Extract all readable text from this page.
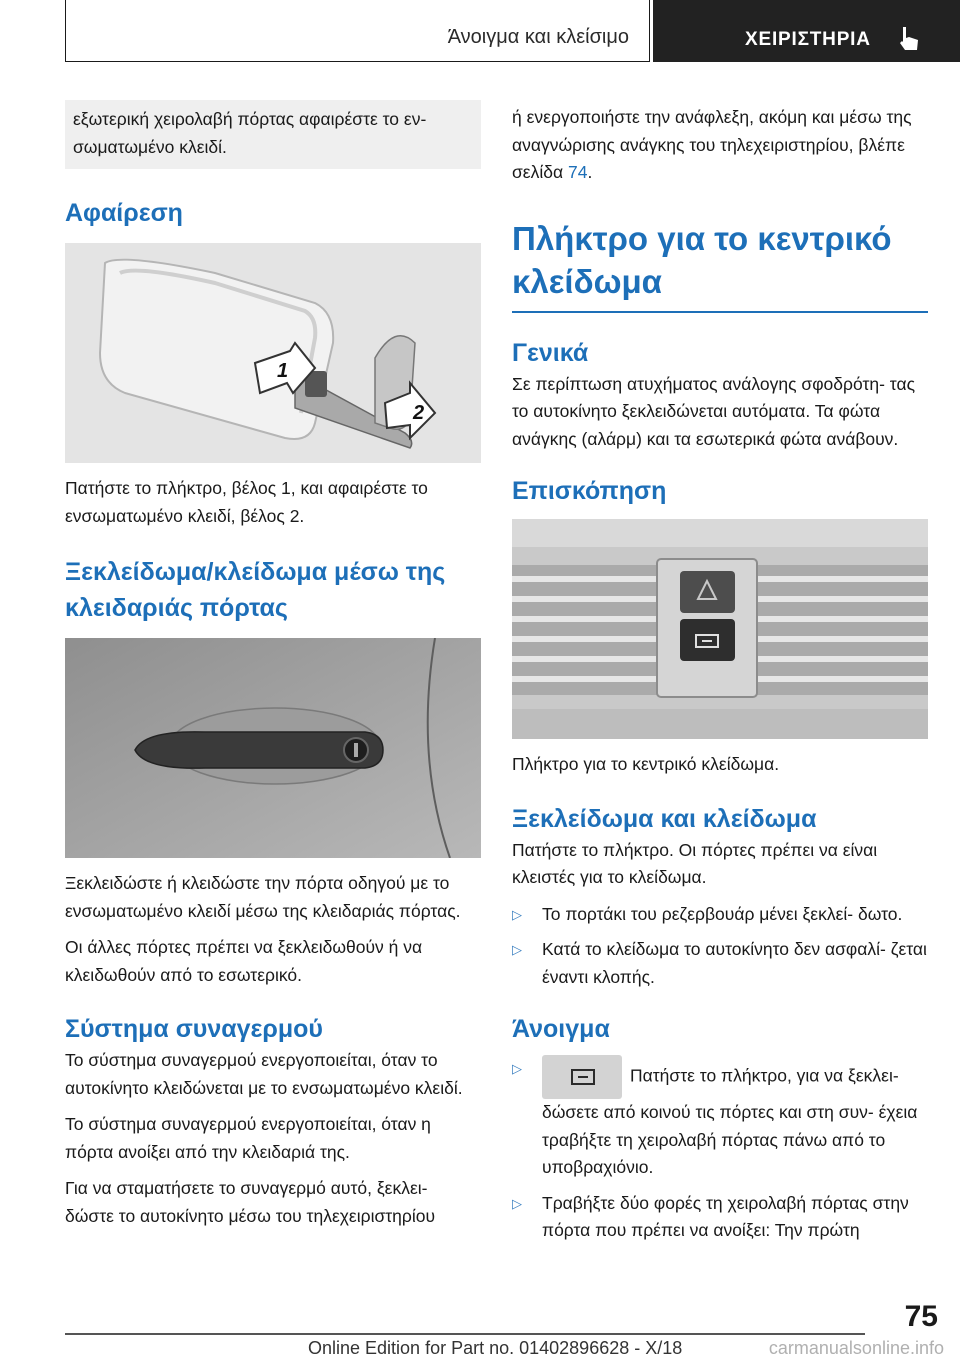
Άνοιγμα και κλείσιμο	ΧΕΙΡΙΣΤΗΡΙΑ
εξωτερική χειρολαβή πόρτας αφαιρέστε το εν- σωματωμένο κλειδί.
Αφαίρεση
1
2

Πατήστε το πλήκτρο, βέλος 1, και αφαιρέστε το ενσωματωμένο κλειδί, βέλος 2.

Ξεκλείδωμα/κλείδωμα μέσω της
κλειδαριάς πόρτας

Ξεκλειδώστε ή κλειδώστε την πόρτα οδηγού με το ενσωματωμένο κλειδί μέσω της κλειδαριάς πόρτας.

Οι άλλες πόρτες πρέπει να ξεκλειδωθούν ή να κλειδωθούν από το εσωτερικό.

Σύστημα συναγερμού

Το σύστημα συναγερμού ενεργοποιείται, όταν το αυτοκίνητο κλειδώνεται με το ενσωματωμένο κλειδί.

Το σύστημα συναγερμού ενεργοποιείται, όταν η πόρτα ανοίξει από την κλειδαριά της.

Για να σταματήσετε το συναγερμό αυτό, ξεκλει- δώστε το αυτοκίνητο μέσω του τηλεχειριστηρίου

ή ενεργοποιήστε την ανάφλεξη, ακόμη και μέσω της αναγνώρισης ανάγκης του τηλεχειριστηρίου, βλέπε σελίδα 74.

Πλήκτρο για το κεντρικό
κλείδωμα
Γενικά

Σε περίπτωση ατυχήματος ανάλογης σφοδρότη- τας το αυτοκίνητο ξεκλειδώνεται αυτόματα. Τα φώτα ανάγκης (αλάρμ) και τα εσωτερικά φώτα ανάβουν.

Επισκόπηση

Πλήκτρο για το κεντρικό κλείδωμα.

Ξεκλείδωμα και κλείδωμα

Πατήστε το πλήκτρο. Οι πόρτες πρέπει να είναι κλειστές για το κλείδωμα.

▷ Το πορτάκι του ρεζερβουάρ μένει ξεκλεί- δωτο.
▷ Κατά το κλείδωμα το αυτοκίνητο δεν ασφαλί- ζεται έναντι κλοπής.
Άνοιγμα
▷	Πατήστε το πλήκτρο, για να ξεκλει- δώσετε από κοινού τις πόρτες και στη συν- έχεια τραβήξτε τη χειρολαβή πόρτας πάνω από το υποβραχιόνιο.
▷ Τραβήξτε δύο φορές τη χειρολαβή πόρτας στην πόρτα που πρέπει να ανοίξει: Την πρώτη
75
Online Edition for Part no. 01402896628 - X/18	carmanualsonline.info
